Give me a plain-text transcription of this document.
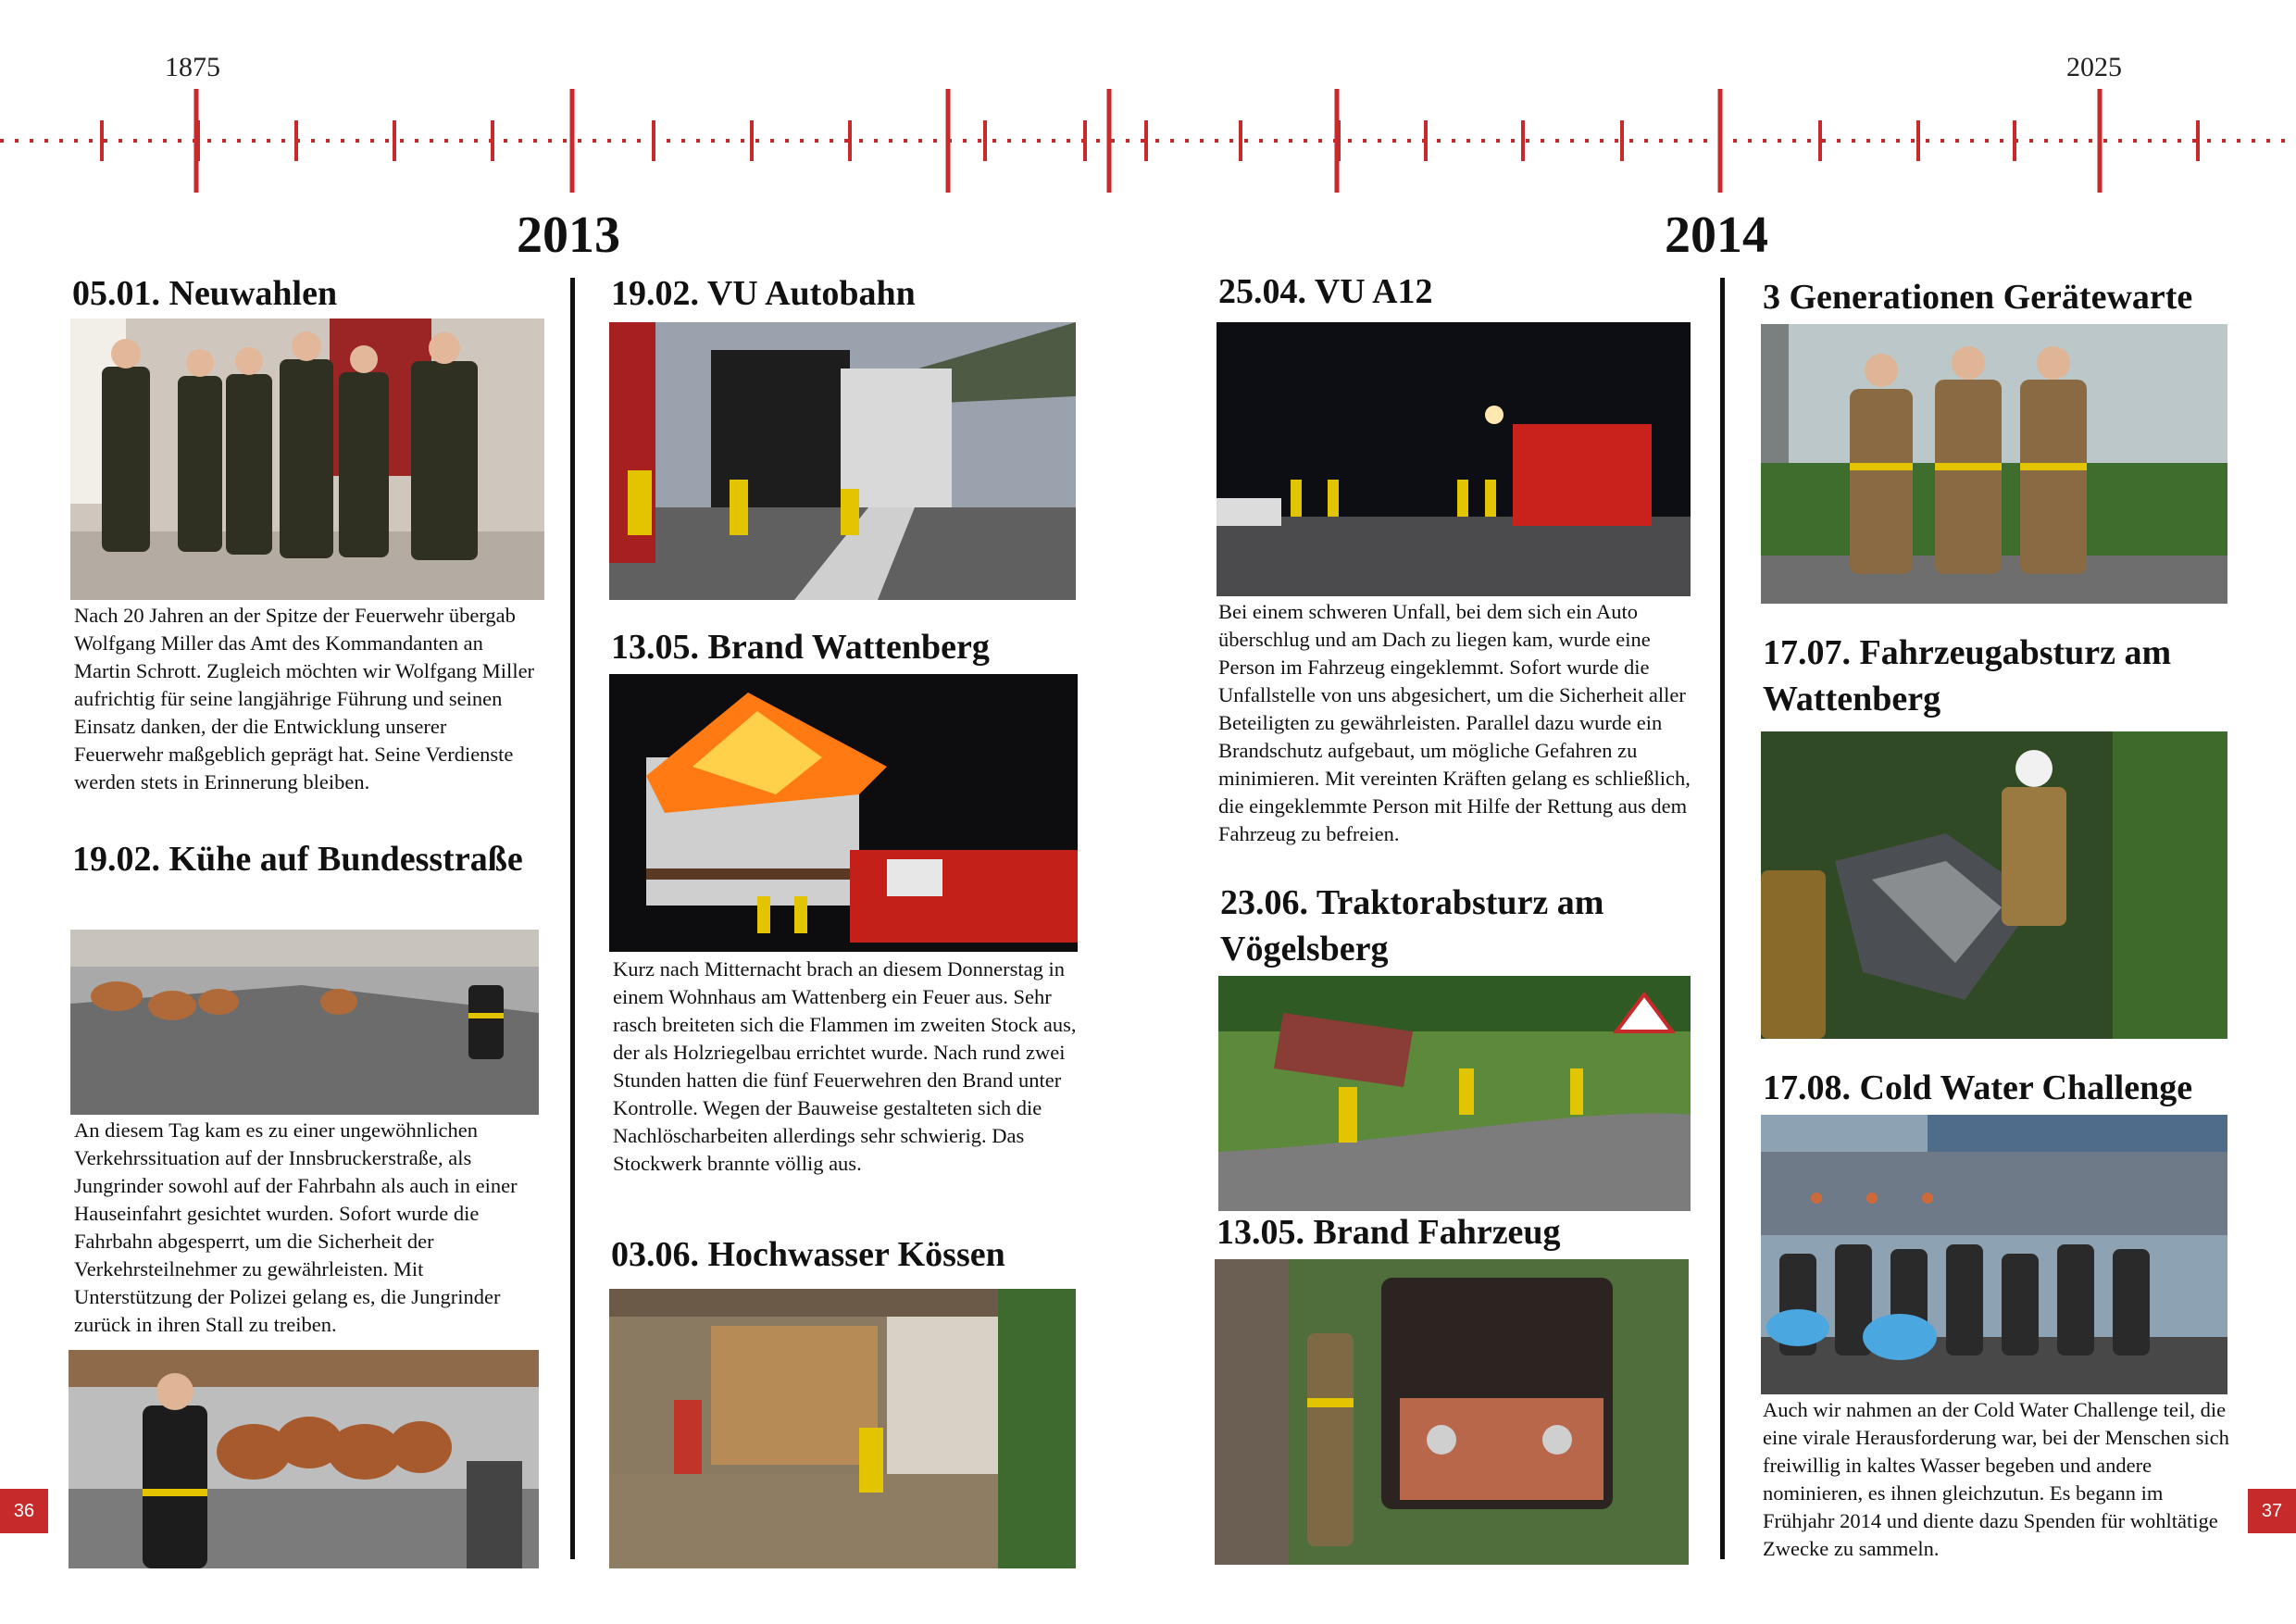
1875	2025
2013	2014
05.01. Neuwahlen
Nach 20 Jahren an der Spitze der Feuerwehr übergab Wolfgang Miller das Amt des Kommandanten an Martin Schrott. Zugleich möchten wir Wolfgang Miller aufrichtig für seine langjährige Führung und seinen Einsatz danken, der die Entwicklung unserer Feuerwehr maßgeblich geprägt hat. Seine Verdienste werden stets in Erinnerung bleiben.
19.02. Kühe auf Bundesstraße
An diesem Tag kam es zu einer ungewöhnlichen Verkehrssituation auf der Innsbruckerstraße, als Jungrinder sowohl auf der Fahrbahn als auch in einer Hauseinfahrt gesichtet wurden. Sofort wurde die Fahrbahn abgesperrt, um die Sicherheit der Verkehrsteilnehmer zu gewährleisten. Mit Unterstützung der Polizei gelang es, die Jungrinder zurück in ihren Stall zu treiben.
19.02. VU Autobahn
13.05. Brand Wattenberg
Kurz nach Mitternacht brach an diesem Donnerstag in einem Wohnhaus am Wattenberg ein Feuer aus. Sehr rasch breiteten sich die Flammen im zweiten Stock aus, der als Holzriegelbau errichtet wurde. Nach rund zwei Stunden hatten die fünf Feuerwehren den Brand unter Kontrolle. Wegen der Bauweise gestalteten sich die Nachlöscharbeiten allerdings sehr schwierig. Das Stockwerk brannte völlig aus.
03.06. Hochwasser Kössen
25.04. VU A12
Bei einem schweren Unfall, bei dem sich ein Auto überschlug und am Dach zu liegen kam, wurde eine Person im Fahrzeug eingeklemmt. Sofort wurde die Unfallstelle von uns abgesichert, um die Sicherheit aller Beteiligten zu gewährleisten. Parallel dazu wurde ein Brandschutz aufgebaut, um mögliche Gefahren zu minimieren. Mit vereinten Kräften gelang es schließlich, die eingeklemmte Person mit Hilfe der Rettung aus dem Fahrzeug zu befreien.
23.06. Traktorabsturz am Vögelsberg
13.05. Brand Fahrzeug
3 Generationen Gerätewarte
17.07. Fahrzeugabsturz am Wattenberg
17.08. Cold Water Challenge
Auch wir nahmen an der Cold Water Challenge teil, die eine virale Herausforderung war, bei der Menschen sich freiwillig in kaltes Wasser begeben und andere nominieren, es ihnen gleichzutun. Es begann im Frühjahr 2014 und diente dazu Spenden für wohltätige Zwecke zu sammeln.
36	37
